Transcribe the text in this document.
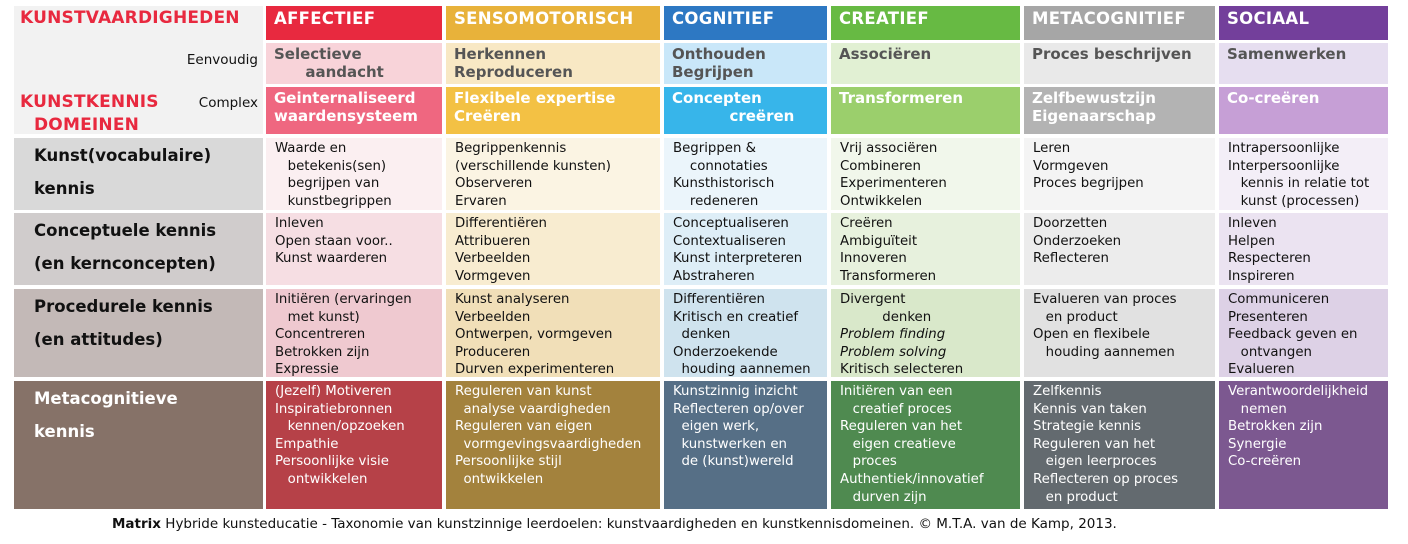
KUNSTVAARDIGHEDEN
Eenvoudig
KUNSTKENNIS	Complex
DOMEINEN
Kunst(vocabulaire)
kennis
Conceptuele kennis
(en kernconcepten)
Procedurele kennis
(en attitudes)
Metacognitieve
kennis
AFFECTIEF
Selectieve
aandacht
Geinternaliseerd
waardensysteem
Waarde en
betekenis(sen)
begrijpen van
kunstbegrippen
Inleven
Open staan voor..
Kunst waarderen
Initiëren (ervaringen
met kunst)
Concentreren
Betrokken zijn
Expressie
(Jezelf) Motiveren
Inspiratiebronnen
kennen/opzoeken
Empathie
Persoonlijke visie
ontwikkelen
SENSOMOTORISCH
Herkennen
Reproduceren
Flexibele expertise
Creëren
Begrippenkennis
(verschillende kunsten)
Observeren
Ervaren
Differentiëren
Attribueren
Verbeelden
Vormgeven
Kunst analyseren
Verbeelden
Ontwerpen, vormgeven
Produceren
Durven experimenteren
Reguleren van kunst
analyse vaardigheden
Reguleren van eigen
vormgevingsvaardigheden
Persoonlijke stijl
ontwikkelen
COGNITIEF
Onthouden
Begrijpen
Concepten
creëren
Begrippen &
connotaties
Kunsthistorisch
redeneren
Conceptualiseren
Contextualiseren
Kunst interpreteren
Abstraheren
Differentiëren
Kritisch en creatief
denken
Onderzoekende
houding aannemen
Kunstzinnig inzicht
Reflecteren op/over
eigen werk,
kunstwerken en
de (kunst)wereld
CREATIEF
Associëren
Transformeren
Vrij associëren
Combineren
Experimenteren
Ontwikkelen
Creëren
Ambiguïteit
Innoveren
Transformeren
Divergent
denken
Problem finding
Problem solving
Kritisch selecteren
Initiëren van een
creatief proces
Reguleren van het
eigen creatieve
proces
Authentiek/innovatief
durven zijn
METACOGNITIEF
Proces beschrijven
Zelfbewustzijn
Eigenaarschap
Leren
Vormgeven
Proces begrijpen
Doorzetten
Onderzoeken
Reflecteren
Evalueren van proces
en product
Open en flexibele
houding aannemen
Zelfkennis
Kennis van taken
Strategie kennis
Reguleren van het
eigen leerproces
Reflecteren op proces
en product
SOCIAAL
Samenwerken
Co-creëren
Intrapersoonlijke
Interpersoonlijke
kennis in relatie tot
kunst (processen)
Inleven
Helpen
Respecteren
Inspireren
Communiceren
Presenteren
Feedback geven en
ontvangen
Evalueren
Verantwoordelijkheid
nemen
Betrokken zijn
Synergie
Co-creëren
Matrix Hybride kunsteducatie - Taxonomie van kunstzinnige leerdoelen: kunstvaardigheden en kunstkennisdomeinen. © M.T.A. van de Kamp, 2013.
